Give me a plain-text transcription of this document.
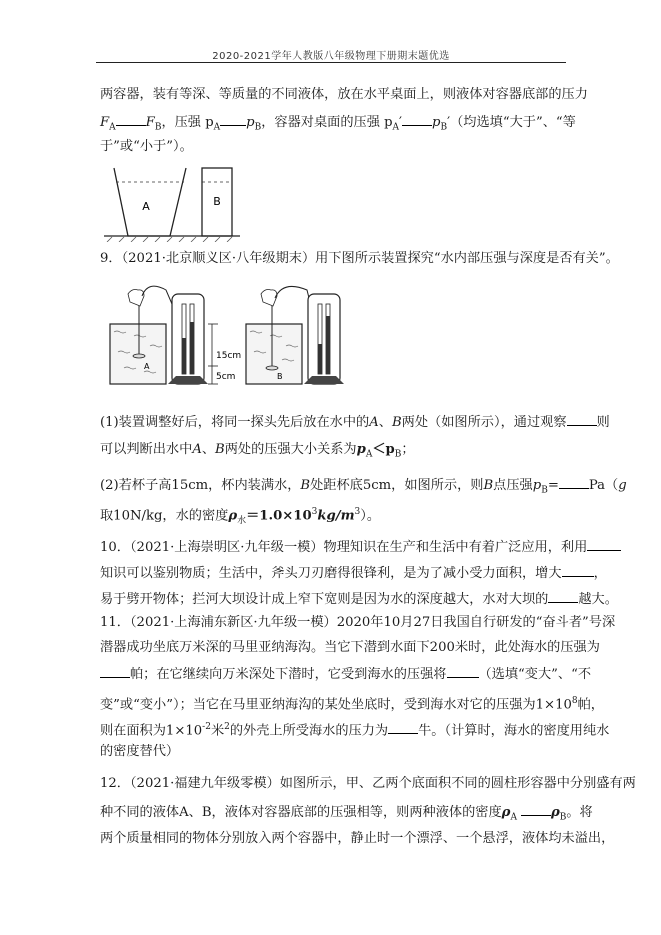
2020-2021学年人教版八年级物理下册期末题优选
两容器，装有等深、等质量的不同液体，放在水平桌面上，则液体对容器底部的压力
$F_A$ $F_B$，压强 $p_A$ $p_B$，容器对桌面的压强 $p_A'$ $p_B'$（均选填“大于”、“等
于”或“小于”）。
A	B
9．（2021·北京顺义区·八年级期末）用下图所示装置探究“水内部压强与深度是否有关”。
A
15cm
5cm	B
(1)装置调整好后，将同一探头先后放在水中的A、B两处（如图所示），通过观察 则
可以判断出水中A、B两处的压强大小关系为$p_A<p_B$；
(2)若杯子高15cm，杯内装满水，B处距杯底5cm，如图所示，则B点压强$p_B= Pa(g$
取10N/kg，水的密度$\rho_水=1.0\times 10^3kg/m^3$）。
10．（2021·上海崇明区·九年级一模）物理知识在生产和生活中有着广泛应用，利用
知识可以鉴别物质；生活中，斧头刀刃磨得很锋利，是为了减小受力面积，增大 ，
易于劈开物体；拦河大坝设计成上窄下宽则是因为水的深度越大，水对大坝的 越大。
11．（2021·上海浦东新区·九年级一模）2020年10月27日我国自行研发的“奋斗者”号深
潜器成功坐底万米深的马里亚纳海沟。当它下潜到水面下200米时，此处海水的压强为
帕；在它继续向万米深处下潜时，它受到海水的压强将 （选填“变大”、“不
变”或“变小”）；当它在马里亚纳海沟的某处坐底时，受到海水对它的压强为$1\times 10^8$帕，
则在面积为$1\times 10^{-2}$米$^2$的外壳上所受海水的压力为 牛。（计算时，海水的密度用纯水
的密度替代）
12．（2021·福建九年级零模）如图所示，甲、乙两个底面积不同的圆柱形容器中分别盛有两
种不同的液体A、B，液体对容器底部的压强相等，则两种液体的密度$\rho_A$	$\rho_B$。将
两个质量相同的物体分别放入两个容器中，静止时一个漂浮、一个悬浮，液体均未溢出，
